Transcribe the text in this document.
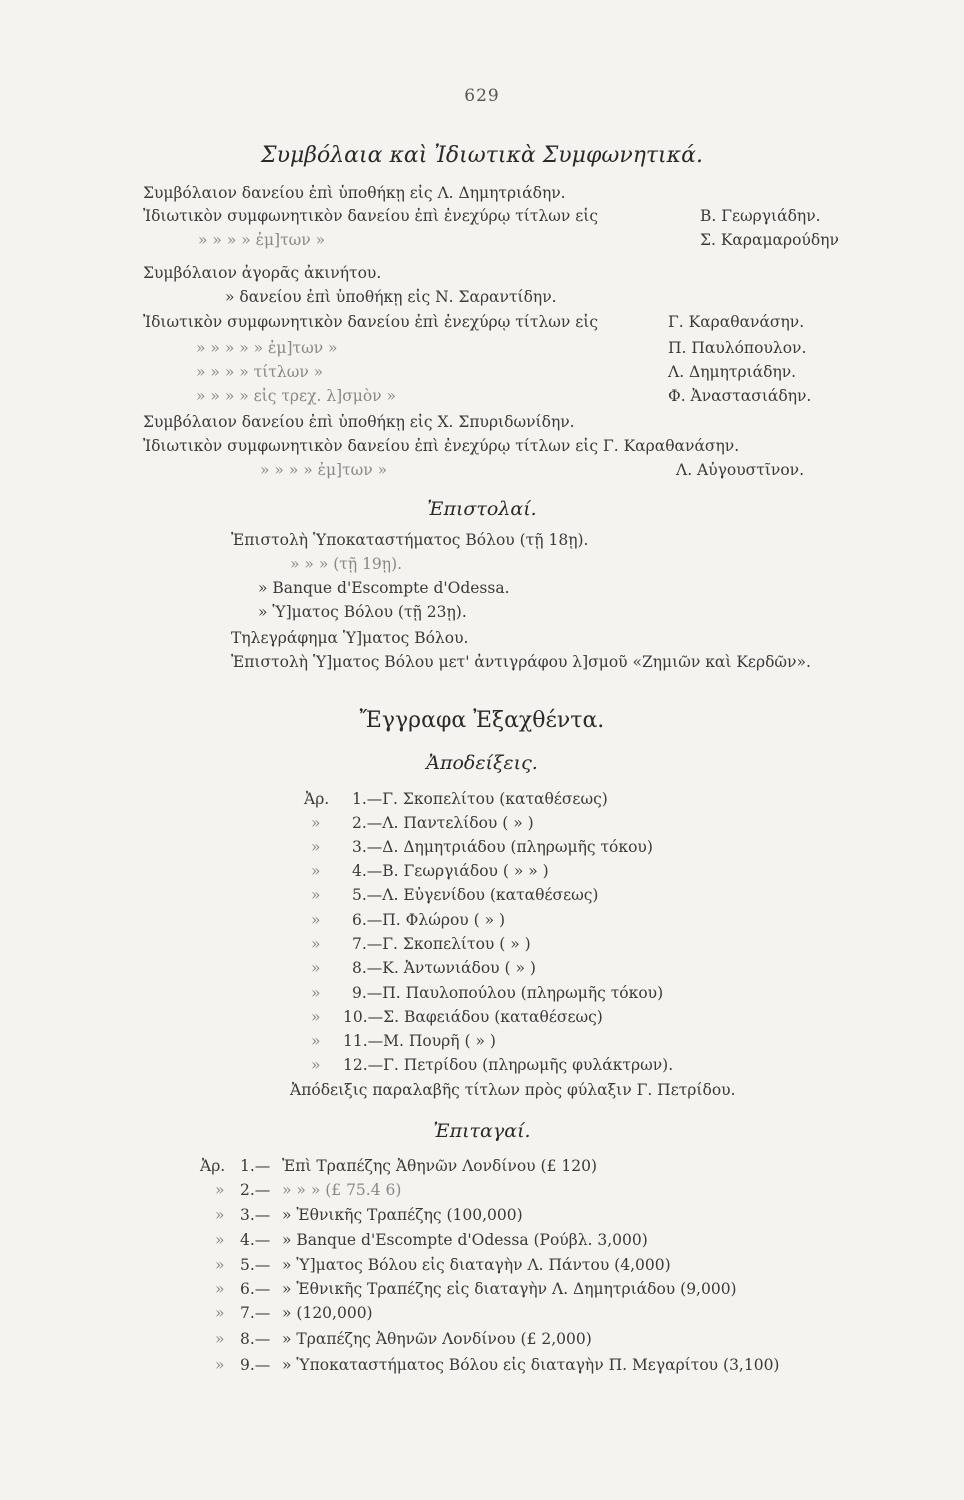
629
Συμβόλαια καὶ Ἰδιωτικὰ Συμφωνητικά.
Συμβόλαιον δανείου ἐπὶ ὑποθήκῃ εἰς Λ. Δημητριάδην.
Ἰδιωτικὸν συμφωνητικὸν δανείου ἐπὶ ἐνεχύρῳ τίτλων εἰς	Β. Γεωργιάδην.
» » » » ἐμ]των »	Σ. Καραμαρούδην
Συμβόλαιον ἀγορᾶς ἀκινήτου.
» δανείου ἐπὶ ὑποθήκῃ εἰς Ν. Σαραντίδην.
Ἰδιωτικὸν συμφωνητικὸν δανείου ἐπὶ ἐνεχύρῳ τίτλων εἰς	Γ. Καραθανάσην.
» » » » » ἐμ]των »	Π. Παυλόπουλον.
» » » » τίτλων »	Λ. Δημητριάδην.
» » » » εἰς τρεχ. λ]σμὸν »	Φ. Ἀναστασιάδην.
Συμβόλαιον δανείου ἐπὶ ὑποθήκῃ εἰς Χ. Σπυριδωνίδην.
Ἰδιωτικὸν συμφωνητικὸν δανείου ἐπὶ ἐνεχύρῳ τίτλων εἰς Γ. Καραθανάσην.
» » » » ἐμ]των »	Λ. Αὐγουστῖνον.
Ἐπιστολαί.
Ἐπιστολὴ Ὑποκαταστήματος Βόλου (τῇ 18ῃ).
» » » (τῇ 19ῃ).
» Banque d'Escompte d'Odessa.
» Ὑ]ματος Βόλου (τῇ 23ῃ).
Τηλεγράφημα Ὑ]ματος Βόλου.
Ἐπιστολὴ Ὑ]ματος Βόλου μετ' ἀντιγράφου λ]σμοῦ «Ζημιῶν καὶ Κερδῶν».
Ἔγγραφα Ἐξαχθέντα.
Ἀποδείξεις.
Ἀρ. 1.—Γ. Σκοπελίτου (καταθέσεως)
» 2.—Λ. Παντελίδου ( » )
» 3.—Δ. Δημητριάδου (πληρωμῆς τόκου)
» 4.—Β. Γεωργιάδου ( » » )
» 5.—Λ. Εὐγενίδου (καταθέσεως)
» 6.—Π. Φλώρου ( » )
» 7.—Γ. Σκοπελίτου ( » )
» 8.—Κ. Ἀντωνιάδου ( » )
» 9.—Π. Παυλοπούλου (πληρωμῆς τόκου)
» 10.—Σ. Βαφειάδου (καταθέσεως)
» 11.—Μ. Πουρῆ ( » )
» 12.—Γ. Πετρίδου (πληρωμῆς φυλάκτρων).
Ἀπόδειξις παραλαβῆς τίτλων πρὸς φύλαξιν Γ. Πετρίδου.
Ἐπιταγαί.
Ἀρ. 1.— Ἐπὶ Τραπέζης Ἀθηνῶν Λονδίνου (£ 120)
» 2.— » » » (£ 75.4 6)
» 3.— » Ἐθνικῆς Τραπέζης (100,000)
» 4.— » Banque d'Escompte d'Odessa (Ρούβλ. 3,000)
» 5.— » Ὑ]ματος Βόλου εἰς διαταγὴν Λ. Πάντου (4,000)
» 6.— » Ἐθνικῆς Τραπέζης εἰς διαταγὴν Λ. Δημητριάδου (9,000)
» 7.— » (120,000)
» 8.— » Τραπέζης Ἀθηνῶν Λονδίνου (£ 2,000)
» 9.— » Ὑποκαταστήματος Βόλου εἰς διαταγὴν Π. Μεγαρίτου (3,100)
